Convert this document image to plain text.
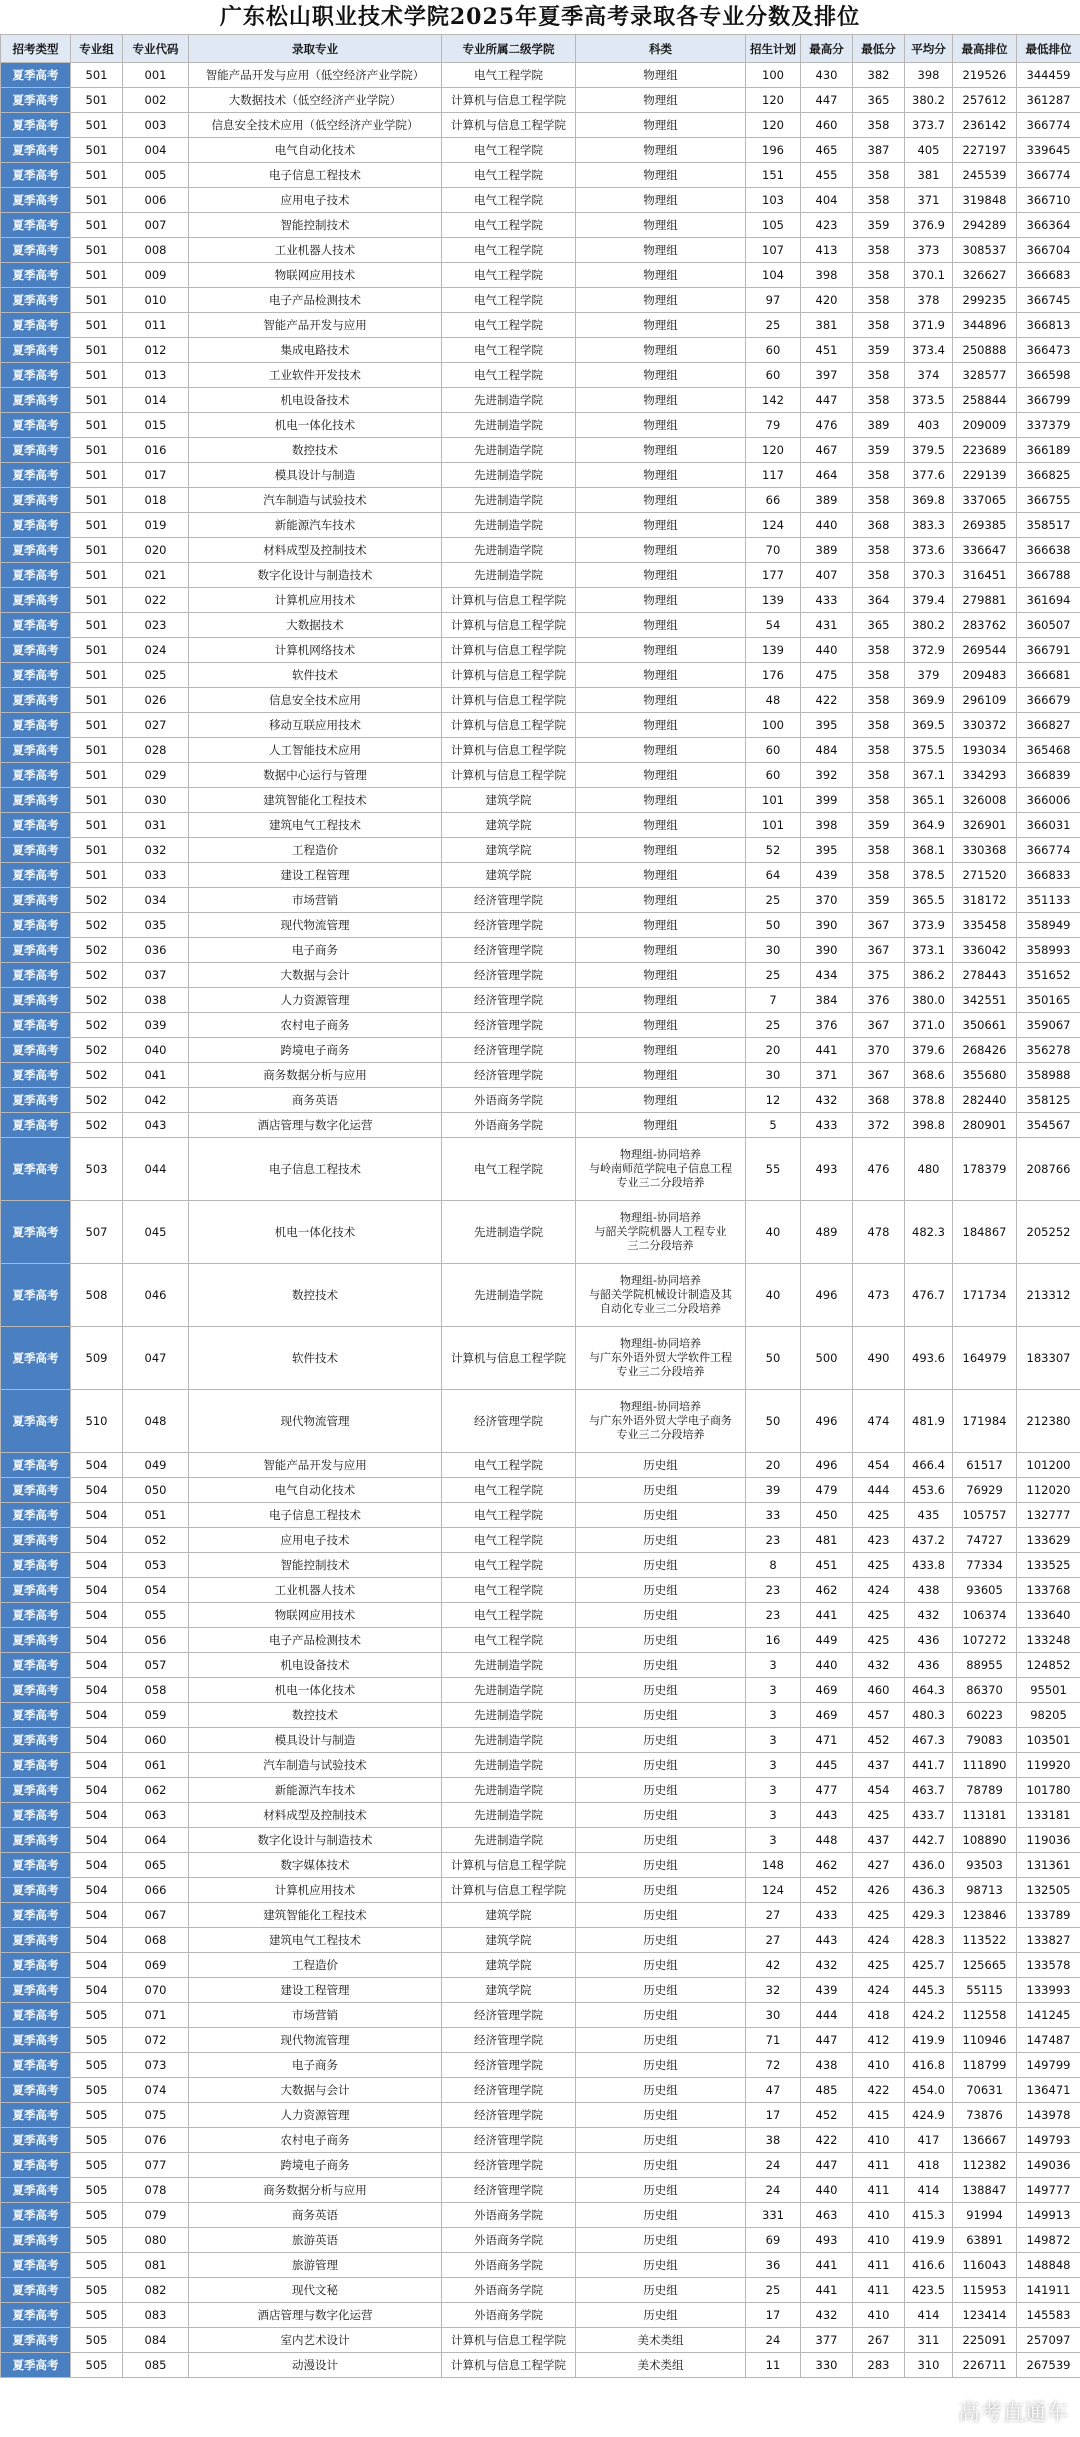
广东松山职业技术学院2025年夏季高考录取各专业分数及排位
招考类型	专业组	专业代码	录取专业	专业所属二级学院	科类	招生计划	最高分	最低分	平均分	最高排位	最低排位
夏季高考	501	001	智能产品开发与应用（低空经济产业学院）	电气工程学院	物理组	100	430	382	398	219526	344459
夏季高考	501	002	大数据技术（低空经济产业学院）	计算机与信息工程学院	物理组	120	447	365	380.2	257612	361287
夏季高考	501	003	信息安全技术应用（低空经济产业学院）	计算机与信息工程学院	物理组	120	460	358	373.7	236142	366774
夏季高考	501	004	电气自动化技术	电气工程学院	物理组	196	465	387	405	227197	339645
夏季高考	501	005	电子信息工程技术	电气工程学院	物理组	151	455	358	381	245539	366774
夏季高考	501	006	应用电子技术	电气工程学院	物理组	103	404	358	371	319848	366710
夏季高考	501	007	智能控制技术	电气工程学院	物理组	105	423	359	376.9	294289	366364
夏季高考	501	008	工业机器人技术	电气工程学院	物理组	107	413	358	373	308537	366704
夏季高考	501	009	物联网应用技术	电气工程学院	物理组	104	398	358	370.1	326627	366683
夏季高考	501	010	电子产品检测技术	电气工程学院	物理组	97	420	358	378	299235	366745
夏季高考	501	011	智能产品开发与应用	电气工程学院	物理组	25	381	358	371.9	344896	366813
夏季高考	501	012	集成电路技术	电气工程学院	物理组	60	451	359	373.4	250888	366473
夏季高考	501	013	工业软件开发技术	电气工程学院	物理组	60	397	358	374	328577	366598
夏季高考	501	014	机电设备技术	先进制造学院	物理组	142	447	358	373.5	258844	366799
夏季高考	501	015	机电一体化技术	先进制造学院	物理组	79	476	389	403	209009	337379
夏季高考	501	016	数控技术	先进制造学院	物理组	120	467	359	379.5	223689	366189
夏季高考	501	017	模具设计与制造	先进制造学院	物理组	117	464	358	377.6	229139	366825
夏季高考	501	018	汽车制造与试验技术	先进制造学院	物理组	66	389	358	369.8	337065	366755
夏季高考	501	019	新能源汽车技术	先进制造学院	物理组	124	440	368	383.3	269385	358517
夏季高考	501	020	材料成型及控制技术	先进制造学院	物理组	70	389	358	373.6	336647	366638
夏季高考	501	021	数字化设计与制造技术	先进制造学院	物理组	177	407	358	370.3	316451	366788
夏季高考	501	022	计算机应用技术	计算机与信息工程学院	物理组	139	433	364	379.4	279881	361694
夏季高考	501	023	大数据技术	计算机与信息工程学院	物理组	54	431	365	380.2	283762	360507
夏季高考	501	024	计算机网络技术	计算机与信息工程学院	物理组	139	440	358	372.9	269544	366791
夏季高考	501	025	软件技术	计算机与信息工程学院	物理组	176	475	358	379	209483	366681
夏季高考	501	026	信息安全技术应用	计算机与信息工程学院	物理组	48	422	358	369.9	296109	366679
夏季高考	501	027	移动互联应用技术	计算机与信息工程学院	物理组	100	395	358	369.5	330372	366827
夏季高考	501	028	人工智能技术应用	计算机与信息工程学院	物理组	60	484	358	375.5	193034	365468
夏季高考	501	029	数据中心运行与管理	计算机与信息工程学院	物理组	60	392	358	367.1	334293	366839
夏季高考	501	030	建筑智能化工程技术	建筑学院	物理组	101	399	358	365.1	326008	366006
夏季高考	501	031	建筑电气工程技术	建筑学院	物理组	101	398	359	364.9	326901	366031
夏季高考	501	032	工程造价	建筑学院	物理组	52	395	358	368.1	330368	366774
夏季高考	501	033	建设工程管理	建筑学院	物理组	64	439	358	378.5	271520	366833
夏季高考	502	034	市场营销	经济管理学院	物理组	25	370	359	365.5	318172	351133
夏季高考	502	035	现代物流管理	经济管理学院	物理组	50	390	367	373.9	335458	358949
夏季高考	502	036	电子商务	经济管理学院	物理组	30	390	367	373.1	336042	358993
夏季高考	502	037	大数据与会计	经济管理学院	物理组	25	434	375	386.2	278443	351652
夏季高考	502	038	人力资源管理	经济管理学院	物理组	7	384	376	380.0	342551	350165
夏季高考	502	039	农村电子商务	经济管理学院	物理组	25	376	367	371.0	350661	359067
夏季高考	502	040	跨境电子商务	经济管理学院	物理组	20	441	370	379.6	268426	356278
夏季高考	502	041	商务数据分析与应用	经济管理学院	物理组	30	371	367	368.6	355680	358988
夏季高考	502	042	商务英语	外语商务学院	物理组	12	432	368	378.8	282440	358125
夏季高考	502	043	酒店管理与数字化运营	外语商务学院	物理组	5	433	372	398.8	280901	354567
夏季高考	503	044	电子信息工程技术	电气工程学院	物理组-协同培养
与岭南师范学院电子信息工程
专业三二分段培养	55	493	476	480	178379	208766
夏季高考	507	045	机电一体化技术	先进制造学院	物理组-协同培养
与韶关学院机器人工程专业
三二分段培养	40	489	478	482.3	184867	205252
夏季高考	508	046	数控技术	先进制造学院	物理组-协同培养
与韶关学院机械设计制造及其
自动化专业三二分段培养	40	496	473	476.7	171734	213312
夏季高考	509	047	软件技术	计算机与信息工程学院	物理组-协同培养
与广东外语外贸大学软件工程
专业三二分段培养	50	500	490	493.6	164979	183307
夏季高考	510	048	现代物流管理	经济管理学院	物理组-协同培养
与广东外语外贸大学电子商务
专业三二分段培养	50	496	474	481.9	171984	212380
夏季高考	504	049	智能产品开发与应用	电气工程学院	历史组	20	496	454	466.4	61517	101200
夏季高考	504	050	电气自动化技术	电气工程学院	历史组	39	479	444	453.6	76929	112020
夏季高考	504	051	电子信息工程技术	电气工程学院	历史组	33	450	425	435	105757	132777
夏季高考	504	052	应用电子技术	电气工程学院	历史组	23	481	423	437.2	74727	133629
夏季高考	504	053	智能控制技术	电气工程学院	历史组	8	451	425	433.8	77334	133525
夏季高考	504	054	工业机器人技术	电气工程学院	历史组	23	462	424	438	93605	133768
夏季高考	504	055	物联网应用技术	电气工程学院	历史组	23	441	425	432	106374	133640
夏季高考	504	056	电子产品检测技术	电气工程学院	历史组	16	449	425	436	107272	133248
夏季高考	504	057	机电设备技术	先进制造学院	历史组	3	440	432	436	88955	124852
夏季高考	504	058	机电一体化技术	先进制造学院	历史组	3	469	460	464.3	86370	95501
夏季高考	504	059	数控技术	先进制造学院	历史组	3	469	457	480.3	60223	98205
夏季高考	504	060	模具设计与制造	先进制造学院	历史组	3	471	452	467.3	79083	103501
夏季高考	504	061	汽车制造与试验技术	先进制造学院	历史组	3	445	437	441.7	111890	119920
夏季高考	504	062	新能源汽车技术	先进制造学院	历史组	3	477	454	463.7	78789	101780
夏季高考	504	063	材料成型及控制技术	先进制造学院	历史组	3	443	425	433.7	113181	133181
夏季高考	504	064	数字化设计与制造技术	先进制造学院	历史组	3	448	437	442.7	108890	119036
夏季高考	504	065	数字媒体技术	计算机与信息工程学院	历史组	148	462	427	436.0	93503	131361
夏季高考	504	066	计算机应用技术	计算机与信息工程学院	历史组	124	452	426	436.3	98713	132505
夏季高考	504	067	建筑智能化工程技术	建筑学院	历史组	27	433	425	429.3	123846	133789
夏季高考	504	068	建筑电气工程技术	建筑学院	历史组	27	443	424	428.3	113522	133827
夏季高考	504	069	工程造价	建筑学院	历史组	42	432	425	425.7	125665	133578
夏季高考	504	070	建设工程管理	建筑学院	历史组	32	439	424	445.3	55115	133993
夏季高考	505	071	市场营销	经济管理学院	历史组	30	444	418	424.2	112558	141245
夏季高考	505	072	现代物流管理	经济管理学院	历史组	71	447	412	419.9	110946	147487
夏季高考	505	073	电子商务	经济管理学院	历史组	72	438	410	416.8	118799	149799
夏季高考	505	074	大数据与会计	经济管理学院	历史组	47	485	422	454.0	70631	136471
夏季高考	505	075	人力资源管理	经济管理学院	历史组	17	452	415	424.9	73876	143978
夏季高考	505	076	农村电子商务	经济管理学院	历史组	38	422	410	417	136667	149793
夏季高考	505	077	跨境电子商务	经济管理学院	历史组	24	447	411	418	112382	149036
夏季高考	505	078	商务数据分析与应用	经济管理学院	历史组	24	440	411	414	138847	149777
夏季高考	505	079	商务英语	外语商务学院	历史组	331	463	410	415.3	91994	149913
夏季高考	505	080	旅游英语	外语商务学院	历史组	69	493	410	419.9	63891	149872
夏季高考	505	081	旅游管理	外语商务学院	历史组	36	441	411	416.6	116043	148848
夏季高考	505	082	现代文秘	外语商务学院	历史组	25	441	411	423.5	115953	141911
夏季高考	505	083	酒店管理与数字化运营	外语商务学院	历史组	17	432	410	414	123414	145583
夏季高考	505	084	室内艺术设计	计算机与信息工程学院	美术类组	24	377	267	311	225091	257097
夏季高考	505	085	动漫设计	计算机与信息工程学院	美术类组	11	330	283	310	226711	267539
高考直通车
